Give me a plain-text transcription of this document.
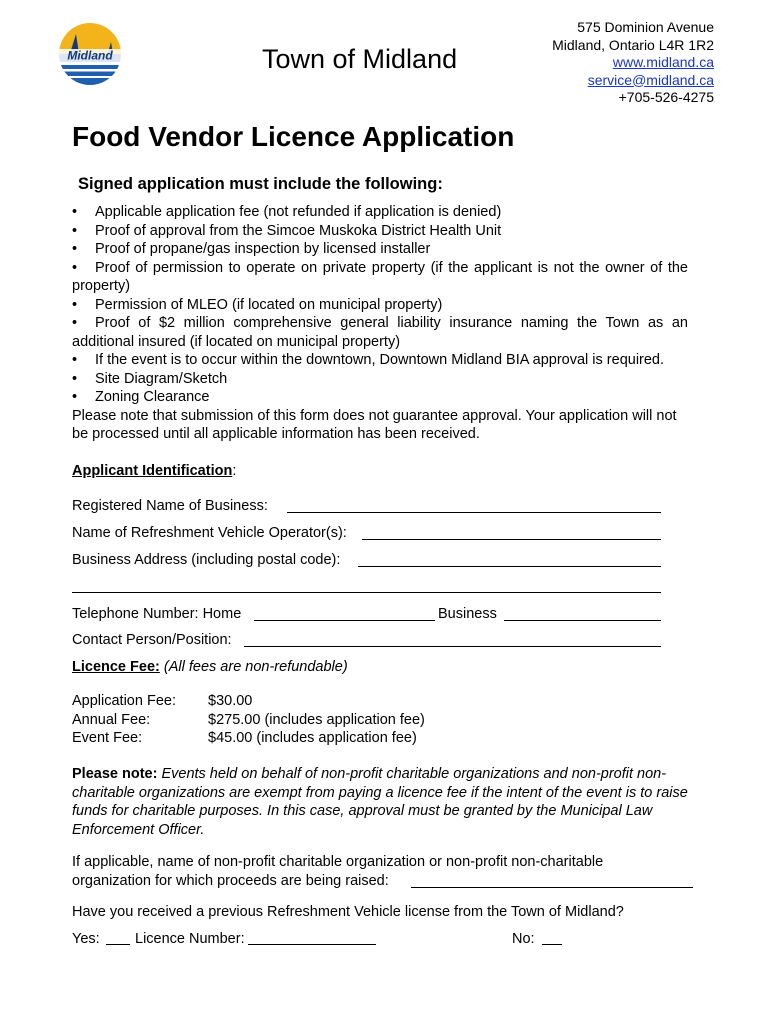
Midland	Town of Midland
575 Dominion Avenue
Midland, Ontario L4R 1R2
www.midland.ca
service@midland.ca
+705-526-4275
Food Vendor Licence Application
Signed application must include the following:
•	Applicable application fee (not refunded if application is denied)
•	Proof of approval from the Simcoe Muskoka District Health Unit
•	Proof of propane/gas inspection by licensed installer
• Proof of permission to operate on private property (if the applicant is not the owner of the property)
•	Permission of MLEO (if located on municipal property)
• Proof of $2 million comprehensive general liability insurance naming the Town as an additional insured (if located on municipal property)
•	If the event is to occur within the downtown, Downtown Midland BIA approval is required.
•	Site Diagram/Sketch
•	Zoning Clearance
Please note that submission of this form does not guarantee approval. Your application will not be processed until all applicable information has been received.
Applicant Identification:
Registered Name of Business:
Name of Refreshment Vehicle Operator(s):
Business Address (including postal code):
Telephone Number: Home	Business
Contact Person/Position:
Licence Fee: (All fees are non-refundable)
Application Fee:	$30.00
Annual Fee:	$275.00 (includes application fee)
Event Fee:	$45.00 (includes application fee)
Please note: Events held on behalf of non-profit charitable organizations and non-profit non-charitable organizations are exempt from paying a licence fee if the intent of the event is to raise funds for charitable purposes. In this case, approval must be granted by the Municipal Law Enforcement Officer.
If applicable, name of non-profit charitable organization or non-profit non-charitable
organization for which proceeds are being raised:
Have you received a previous Refreshment Vehicle license from the Town of Midland?
Yes: Licence Number:	No:
